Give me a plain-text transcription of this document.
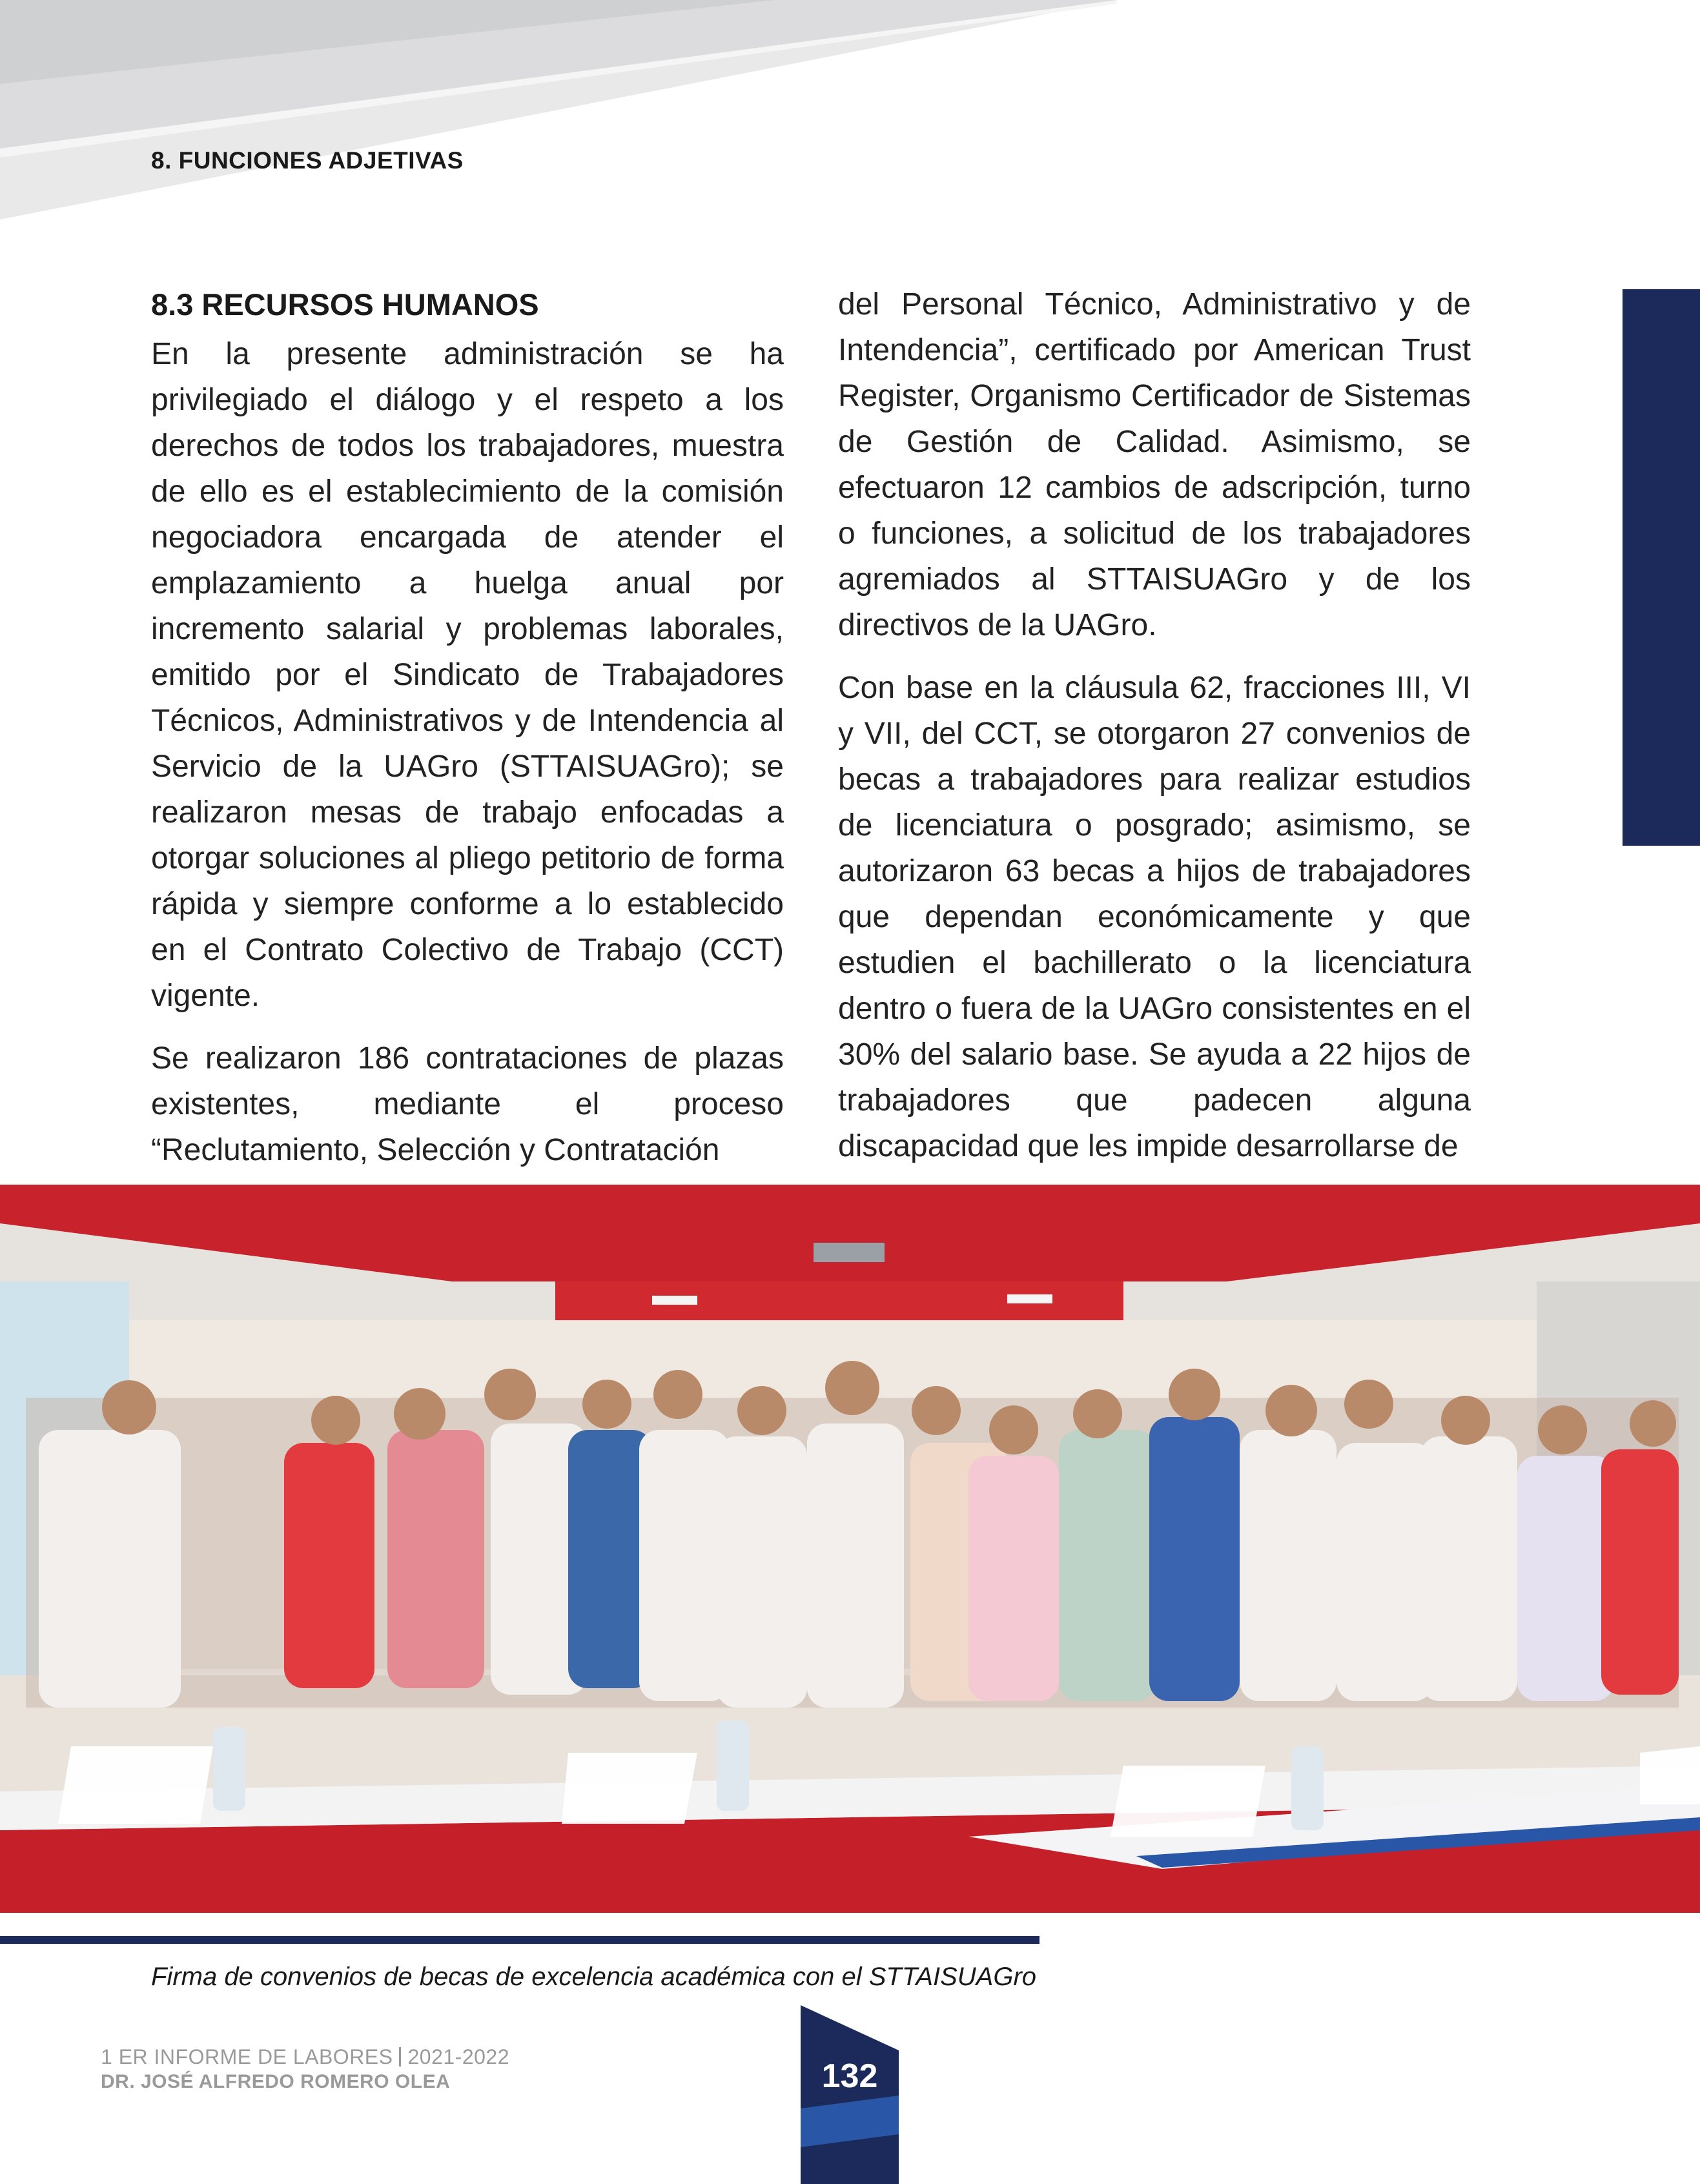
8. FUNCIONES ADJETIVAS
8.3 RECURSOS HUMANOS

En la presente administración se ha privilegiado el diálogo y el respeto a los derechos de todos los trabajadores, muestra de ello es el establecimiento de la comisión negociadora encargada de atender el emplazamiento a huelga anual por incremento salarial y problemas laborales, emitido por el Sindicato de Trabajadores Técnicos, Administrativos y de Intendencia al Servicio de la UAGro (STTAISUAGro); se realizaron mesas de trabajo enfocadas a otorgar soluciones al pliego petitorio de forma rápida y siempre conforme a lo establecido en el Contrato Colectivo de Trabajo (CCT) vigente.

Se realizaron 186 contrataciones de plazas existentes, mediante el proceso “Reclutamiento, Selección y Contratación

del Personal Técnico, Administrativo y de Intendencia”, certificado por American Trust Register, Organismo Certificador de Sistemas de Gestión de Calidad. Asimismo, se efectuaron 12 cambios de adscripción, turno o funciones, a solicitud de los trabajadores agremiados al STTAISUAGro y de los directivos de la UAGro.

Con base en la cláusula 62, fracciones III, VI y VII, del CCT, se otorgaron 27 convenios de becas a trabajadores para realizar estudios de licenciatura o posgrado; asimismo, se autorizaron 63 becas a hijos de trabajadores que dependan económicamente y que estudien el bachillerato o la licenciatura dentro o fuera de la UAGro consistentes en el 30% del salario base. Se ayuda a 22 hijos de trabajadores que padecen alguna discapacidad que les impide desarrollarse de

Firma de convenios de becas de excelencia académica con el STTAISUAGro
1 ER INFORME DE LABORES 2021-2022
DR. JOSÉ ALFREDO ROMERO OLEA	132
